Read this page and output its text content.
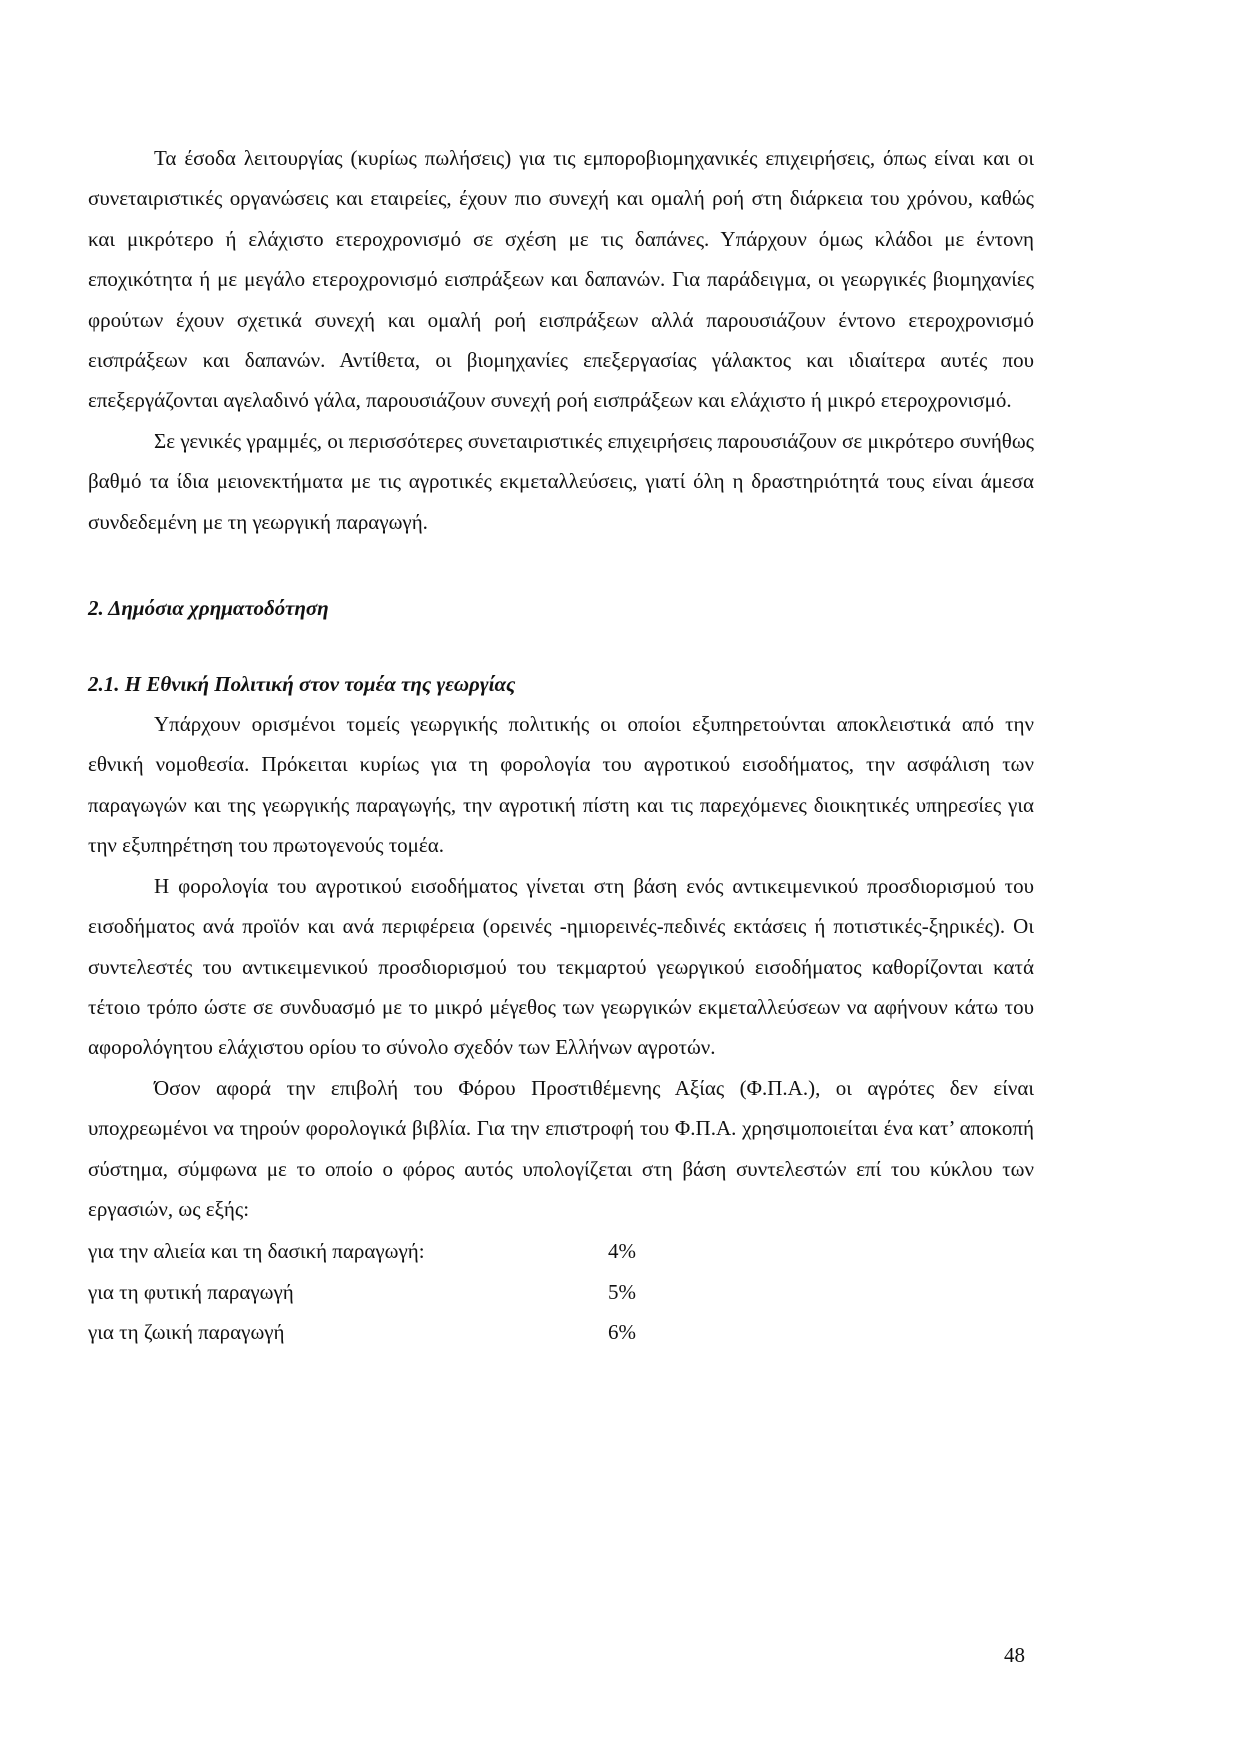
Τα έσοδα λειτουργίας (κυρίως πωλήσεις) για τις εμποροβιομηχανικές επιχειρήσεις, όπως είναι και οι συνεταιριστικές οργανώσεις και εταιρείες, έχουν πιο συνεχή και ομαλή ροή στη διάρκεια του χρόνου, καθώς και μικρότερο ή ελάχιστο ετεροχρονισμό σε σχέση με τις δαπάνες. Υπάρχουν όμως κλάδοι με έντονη εποχικότητα ή με μεγάλο ετεροχρονισμό εισπράξεων και δαπανών. Για παράδειγμα, οι γεωργικές βιομηχανίες φρούτων έχουν σχετικά συνεχή και ομαλή ροή εισπράξεων αλλά παρουσιάζουν έντονο ετεροχρονισμό εισπράξεων και δαπανών. Αντίθετα, οι βιομηχανίες επεξεργασίας γάλακτος και ιδιαίτερα αυτές που επεξεργάζονται αγελαδινό γάλα, παρουσιάζουν συνεχή ροή εισπράξεων και ελάχιστο ή μικρό ετεροχρονισμό.

Σε γενικές γραμμές, οι περισσότερες συνεταιριστικές επιχειρήσεις παρουσιάζουν σε μικρότερο συνήθως βαθμό τα ίδια μειονεκτήματα με τις αγροτικές εκμεταλλεύσεις, γιατί όλη η δραστηριότητά τους είναι άμεσα συνδεδεμένη με τη γεωργική παραγωγή.

2. Δημόσια χρηματοδότηση
2.1. Η Εθνική Πολιτική στον τομέα της γεωργίας

Υπάρχουν ορισμένοι τομείς γεωργικής πολιτικής οι οποίοι εξυπηρετούνται αποκλειστικά από την εθνική νομοθεσία. Πρόκειται κυρίως για τη φορολογία του αγροτικού εισοδήματος, την ασφάλιση των παραγωγών και της γεωργικής παραγωγής, την αγροτική πίστη και τις παρεχόμενες διοικητικές υπηρεσίες για την εξυπηρέτηση του πρωτογενούς τομέα.

Η φορολογία του αγροτικού εισοδήματος γίνεται στη βάση ενός αντικειμενικού προσδιορισμού του εισοδήματος ανά προϊόν και ανά περιφέρεια (ορεινές -ημιορεινές-πεδινές εκτάσεις ή ποτιστικές-ξηρικές). Οι συντελεστές του αντικειμενικού προσδιορισμού του τεκμαρτού γεωργικού εισοδήματος καθορίζονται κατά τέτοιο τρόπο ώστε σε συνδυασμό με το μικρό μέγεθος των γεωργικών εκμεταλλεύσεων να αφήνουν κάτω του αφορολόγητου ελάχιστου ορίου το σύνολο σχεδόν των Ελλήνων αγροτών.

Όσον αφορά την επιβολή του Φόρου Προστιθέμενης Αξίας (Φ.Π.Α.), οι αγρότες δεν είναι υποχρεωμένοι να τηρούν φορολογικά βιβλία. Για την επιστροφή του Φ.Π.Α. χρησιμοποιείται ένα κατ’ αποκοπή σύστημα, σύμφωνα με το οποίο ο φόρος αυτός υπολογίζεται στη βάση συντελεστών επί του κύκλου των εργασιών, ως εξής:

για την αλιεία και τη δασική παραγωγή:	4%
για τη φυτική παραγωγή	5%
για τη ζωική παραγωγή	6%
48
